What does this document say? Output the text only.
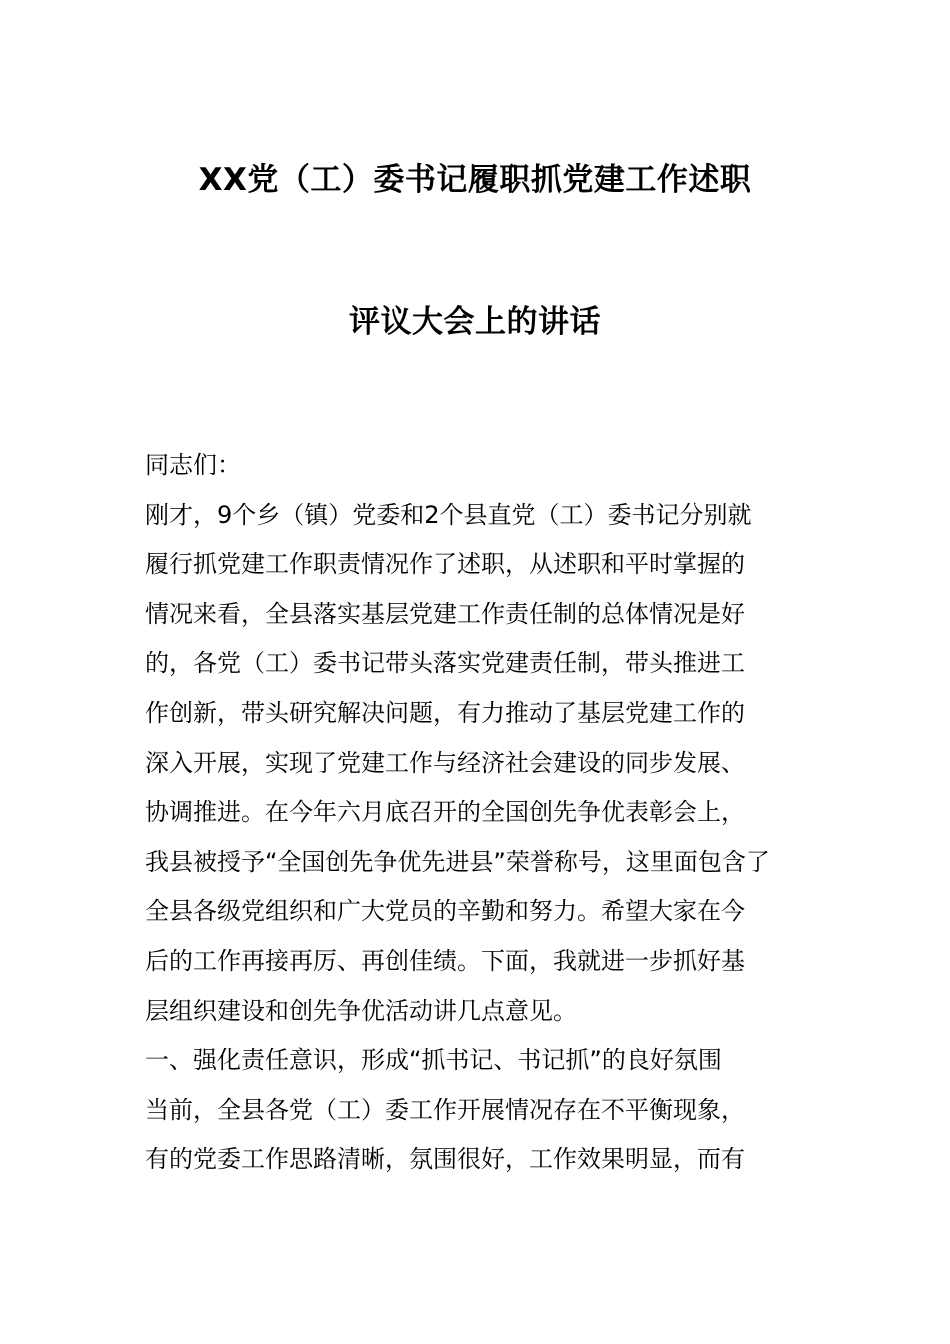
XX党（工）委书记履职抓党建工作述职
评议大会上的讲话
同志们：
刚才，9个乡（镇）党委和2个县直党（工）委书记分别就
履行抓党建工作职责情况作了述职，从述职和平时掌握的
情况来看，全县落实基层党建工作责任制的总体情况是好
的，各党（工）委书记带头落实党建责任制，带头推进工
作创新，带头研究解决问题，有力推动了基层党建工作的
深入开展，实现了党建工作与经济社会建设的同步发展、
协调推进。在今年六月底召开的全国创先争优表彰会上，
我县被授予“全国创先争优先进县”荣誉称号，这里面包含了
全县各级党组织和广大党员的辛勤和努力。希望大家在今
后的工作再接再厉、再创佳绩。下面，我就进一步抓好基
层组织建设和创先争优活动讲几点意见。
一、强化责任意识，形成“抓书记、书记抓”的良好氛围
当前，全县各党（工）委工作开展情况存在不平衡现象，
有的党委工作思路清晰，氛围很好，工作效果明显，而有
